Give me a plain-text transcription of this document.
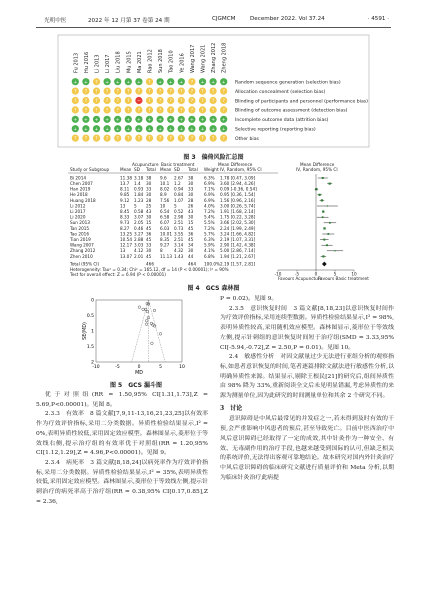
光明中医	2022 年 12 月第 37 卷第 24 期	CJGMCM	December 2022. Vol 37.24	· 4591 ·
Fu 2013 Hu 2016 Li 2013 Li 2017 Liu 2018 Mu 2015 Ma 2021 Rao 2012 Sun 2018 Tao 2010 Ye 2016 Wang 2017 Wang 2021 Zhang 2012 Zheng 2018
+ + ? + + + + ? + + + ? + + + Random sequence generation (selection bias)
? ? ? ? ? ? ? ? ? ? ? ? ? ? ? Allocation concealment (selection bias)
? ? ? ? ? ? − ? ? ? ? ? ? ? ? Blinding of participants and personnel (performance bias)
? ? ? ? ? ? ? ? ? ? ? ? ? ? ? Blinding of outcome assessment (detection bias)
+ + + + + + + + + + + + + + + Incomplete outcome data (attrition bias)
+ + + + + + + + + + + + + + + Selective reporting (reporting bias)
? ? ? ? ? ? ? ? ? ? ? ? ? ? ? Other bias
图 3　偏倚风险汇总图
Acupuncture Basic treatment	Mean Difference	Mean Difference
Study or Subgroup	Mean SD Total Mean SD Total Weight IV, Random, 95% CI	IV, Random, 95% CI
Bi 2014	11.38 3.18 38 9.6 2.67 38	6.3% 1.78 [0.47, 3.09]
Chen 2007	13.7 1.4 30 10.1 1.2 30	6.9% 3.60 [2.94, 4.26]
Han 2019	8.11 0.93 33 8.02 0.94 33	7.1% 0.09 [-0.36, 0.54]
He 2018	9.85 1.84 30 8.9 0.84 30	6.9% 0.95 [0.36, 1.54]
Huang 2018	9.12 1.23 28 7.56 1.07 28	6.9% 1.56 [0.96, 2.16]
Li 2012	13 5 25 10 5	26	4.0% 3.00 [0.26, 5.74]
Li 2017	8.45 0.58 43 6.54 0.52 43	7.2% 1.91 [1.68, 2.14]
Li 2020	8.33 3.07 30 6.58 2.98 30	5.4% 1.75 [0.22, 3.28]
Sun 2013	9.73 2.05 15 6.07 2.51 15	5.5% 3.66 [2.02, 5.30]
Tan 2015	8.27 0.46 45 6.03 0.73 45	7.2% 2.24 [1.99, 2.49]
Tao 2016	13.25 3.27 36 10.01 3.55 36	5.7% 3.24 [1.66, 4.82]
Tian 2019	10.54 2.88 45 8.35 2.51 45	6.3% 2.19 [1.07, 3.31]
Wang 2007	12.17 3.03 33 9.27 3.14 34	5.9% 2.90 [1.42, 4.38]
Zhang 2012	13 4.12 30 8	4.32 30	4.1% 5.00 [2.86, 7.14]
Zhen 2010	13.07 2.01 45 11.13 1.43 44	6.8% 1.94 [1.21, 2.67]
Total (95% CI)	466	464 100.0% 2.19 [1.57, 2.81]
Heterogeneity: Tau² = 0.34; Chi² = 165.12, df = 14 (P < 0.00001); I² = 90%
Test for overall effect: Z = 6.94 (P < 0.00001)	-10	-5	0	5	10
Favours Acupuncture
Favours Basic treatment
图 4　GCS 森林图
-10	-5	0	5	10
0
0.5
1
1.5
2
MD
SE(MD)
图 5　GCS 漏斗图

优于对照组(RR = 1.50,95% CI[1.31,1.73],Z = 5.69,P<0.00001)。见图 8。

2.3.3　有效率　8 篇文献[7,9,11-13,16,21,23,25]以有效率作为疗效评价指标,采用二分类数据。异质性检验结果显示,I² = 0%,表明异质性较低,采用固定效应模型。森林图显示,菱形位于等效线右侧,提示治疗组的有效率优于对照组(RR = 1.20,95% CI[1.12,1.29],Z = 4.96,P<0.00001)。见图 9。

2.3.4　病死率　3 篇文献[8,18,24]以病死率作为疗效评价指标,采用二分类数据。异质性检验结果显示,I² = 35%,表明异质性较低,采用固定效应模型。森林图显示,菱形位于等效线左侧,提示针刺治疗的病死率高于治疗组(RR = 0.38,95% CI[0.17,0.85],Z = 2.36,

P = 0.02)。见图 9。

2.3.5　意识恢复时间　3 篇文献[8,18,23]以意识恢复时间作为疗效评价指标,采用连续型数据。异质性检验结果显示,I² = 98%,表明异质性较高,采用随机效应模型。森林图显示,菱形位于等效线左侧,提示针刺组的意识恢复时间短于治疗组(SMD = 3.33,95% CI[-5.94,-0.72],Z = 2.50,P = 0.01)。见图 10。

2.4　敏感性分析　对因文献量过少无法进行亚组分析的观察指标,如患者意识恢复的时间,笔者逐篇排除文献法进行敏感性分析,以明确异质性来源。结果显示,剔除王根民[21]的研究后,组间异质性由 98% 降为 33%,重新阅读全文后未见明显错漏,考虑异质性的来源为测量单位,因为此研究的时间测量单位和其余 2 个研究不同。

3　讨论

意识障碍是中风后最常见的并发症之一,若未得到及时有效的干预,会严重影响中风患者的预后,甚至导致死亡。目前中医西治疗中风后意识障碍已经取得了一定的成效,其中针灸作为一种安全、有效、无毒副作用的治疗手段,也越来越受到国际的认可,但缺乏相关的系统评价,无法得出客观可靠地结论。故本研究对国内外针灸治疗中风后意识障碍的临床研究文献进行质量评价和 Meta 分析,以期为临床针灸治疗此病提
